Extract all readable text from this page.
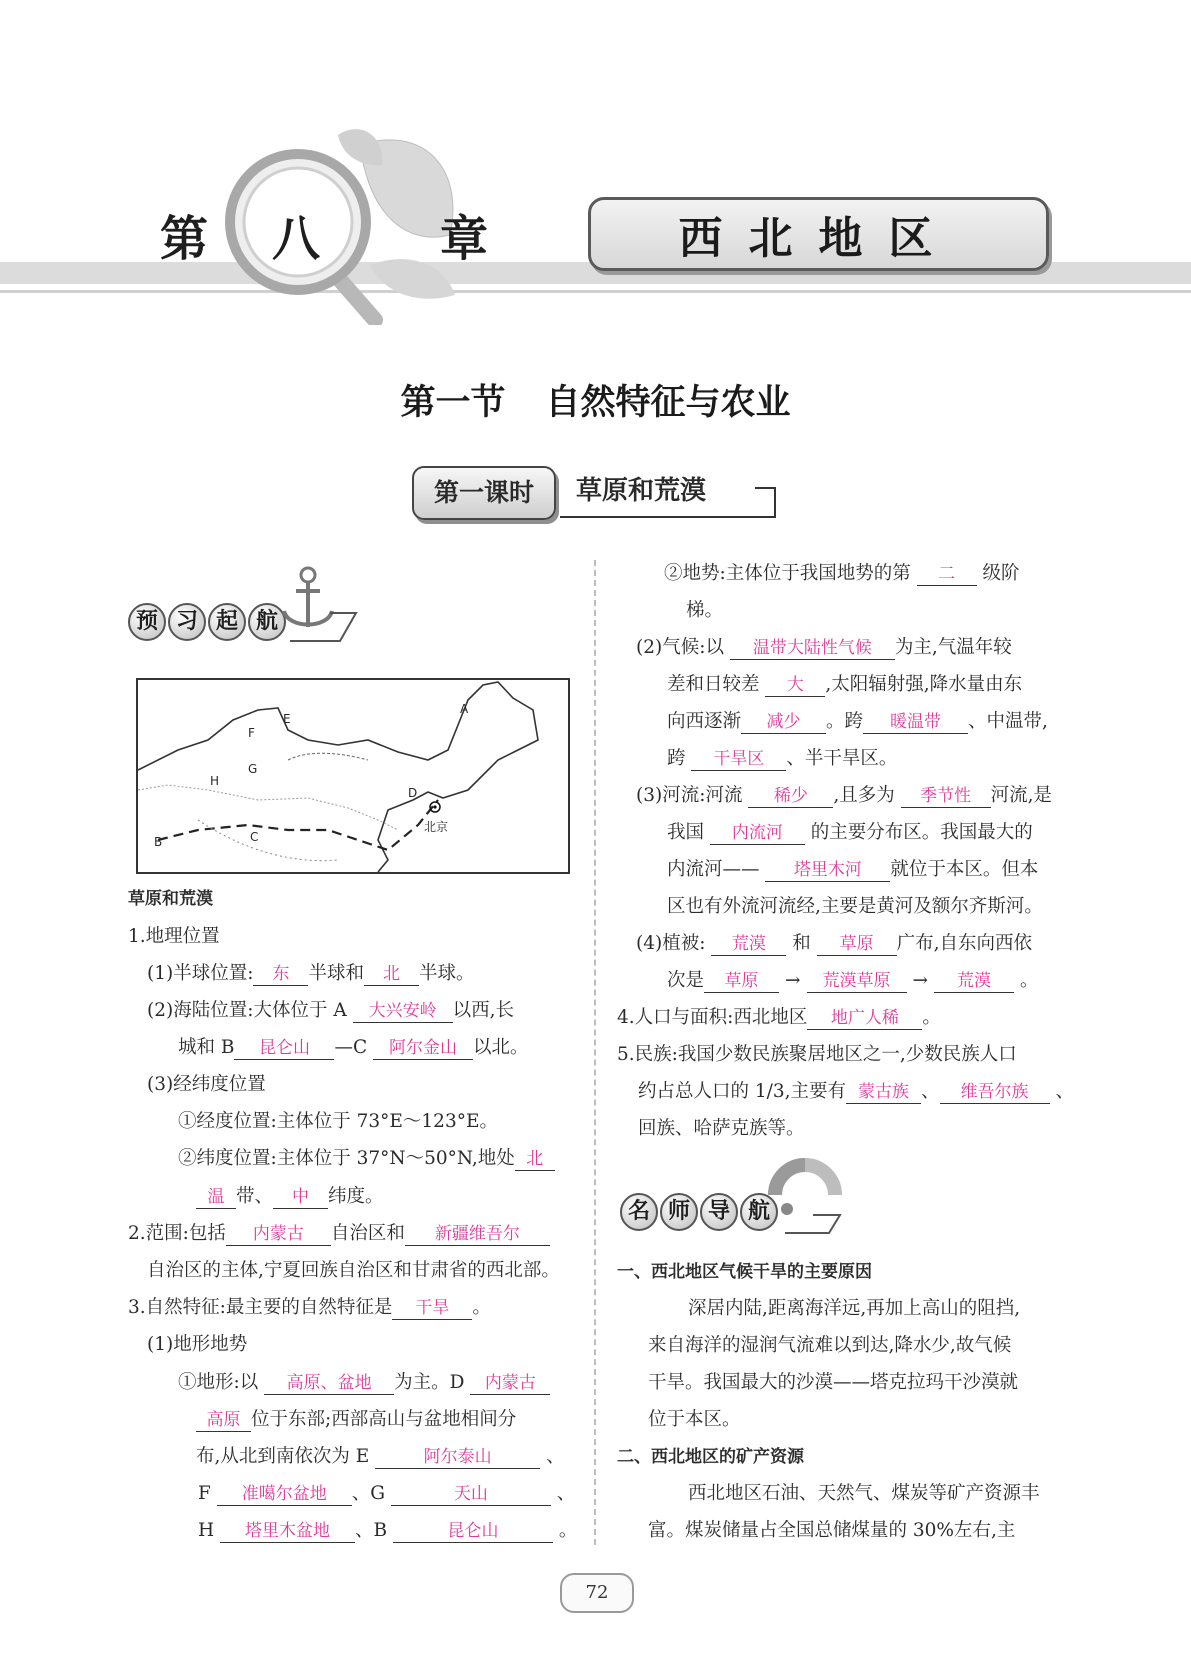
第 八 章	西北地区
第一节 自然特征与农业
第一课时	草原和荒漠
预 习 起 航
A
B	C
D
E
F
G
H
北京
草原和荒漠
1.地理位置
(1)半球位置: 东 半球和 北 半球。
(2)海陆位置:大体位于 A 大兴安岭 以西,长
城和 B 昆仑山 —C 阿尔金山 以北。
(3)经纬度位置
①经度位置:主体位于 73°E～123°E。
②纬度位置:主体位于 37°N～50°N,地处 北
温 带、 中 纬度。
2.范围:包括 内蒙古 自治区和 新疆维吾尔
自治区的主体,宁夏回族自治区和甘肃省的西北部。
3.自然特征:最主要的自然特征是 干旱 。
(1)地形地势
①地形:以 高原、盆地 为主。D 内蒙古
高原 位于东部;西部高山与盆地相间分
布,从北到南依次为 E	阿尔泰山	、
F 准噶尔盆地 、G	天山	、
H 塔里木盆地 、B	昆仑山	。
②地势:主体位于我国地势的第 二 级阶
梯。
(2)气候:以 温带大陆性气候 为主,气温年较
差和日较差 大 ,太阳辐射强,降水量由东
向西逐渐 减少 。跨 暖温带 、中温带,
跨 干旱区 、半干旱区。
(3)河流:河流 稀少 ,且多为 季节性 河流,是
我国 内流河 的主要分布区。我国最大的
内流河—— 塔里木河 就位于本区。但本
区也有外流河流经,主要是黄河及额尔齐斯河。
(4)植被: 荒漠 和 草原 广布,自东向西依
次是 草原 → 荒漠草原 → 荒漠 。
4.人口与面积:西北地区 地广人稀 。
5.民族:我国少数民族聚居地区之一,少数民族人口
约占总人口的 1/3,主要有 蒙古族 、 维吾尔族 、
回族、哈萨克族等。
名 师 导 航
一、西北地区气候干旱的主要原因
深居内陆,距离海洋远,再加上高山的阻挡,
来自海洋的湿润气流难以到达,降水少,故气候
干旱。我国最大的沙漠——塔克拉玛干沙漠就
位于本区。
二、西北地区的矿产资源
西北地区石油、天然气、煤炭等矿产资源丰
富。煤炭储量占全国总储煤量的 30%左右,主
72
